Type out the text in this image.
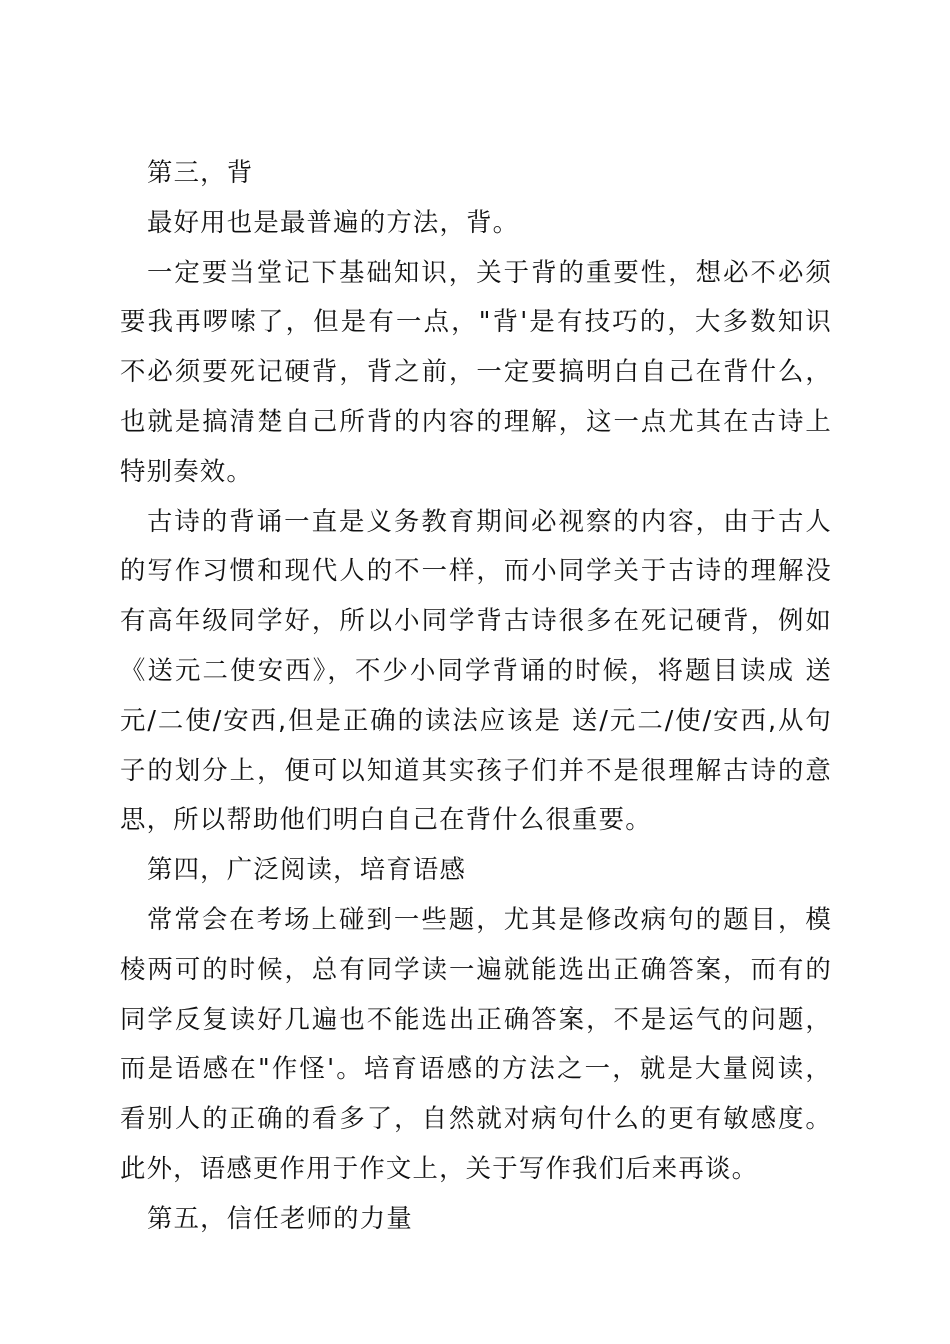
第三，背

最好用也是最普遍的方法，背。

一定要当堂记下基础知识，关于背的重要性，想必不必须要我再啰嗦了，但是有一点，"背'是有技巧的，大多数知识不必须要死记硬背，背之前，一定要搞明白自己在背什么，也就是搞清楚自己所背的内容的理解，这一点尤其在古诗上特别奏效。

古诗的背诵一直是义务教育期间必视察的内容，由于古人的写作习惯和现代人的不一样，而小同学关于古诗的理解没有高年级同学好，所以小同学背古诗很多在死记硬背，例如《送元二使安西》，不少小同学背诵的时候，将题目读成 送元/二使/安西,但是正确的读法应该是 送/元二/使/安西,从句子的划分上，便可以知道其实孩子们并不是很理解古诗的意思，所以帮助他们明白自己在背什么很重要。

第四，广泛阅读，培育语感

常常会在考场上碰到一些题，尤其是修改病句的题目，模棱两可的时候，总有同学读一遍就能选出正确答案，而有的同学反复读好几遍也不能选出正确答案，不是运气的问题，而是语感在"作怪'。培育语感的方法之一，就是大量阅读，看别人的正确的看多了，自然就对病句什么的更有敏感度。此外，语感更作用于作文上，关于写作我们后来再谈。

第五，信任老师的力量
